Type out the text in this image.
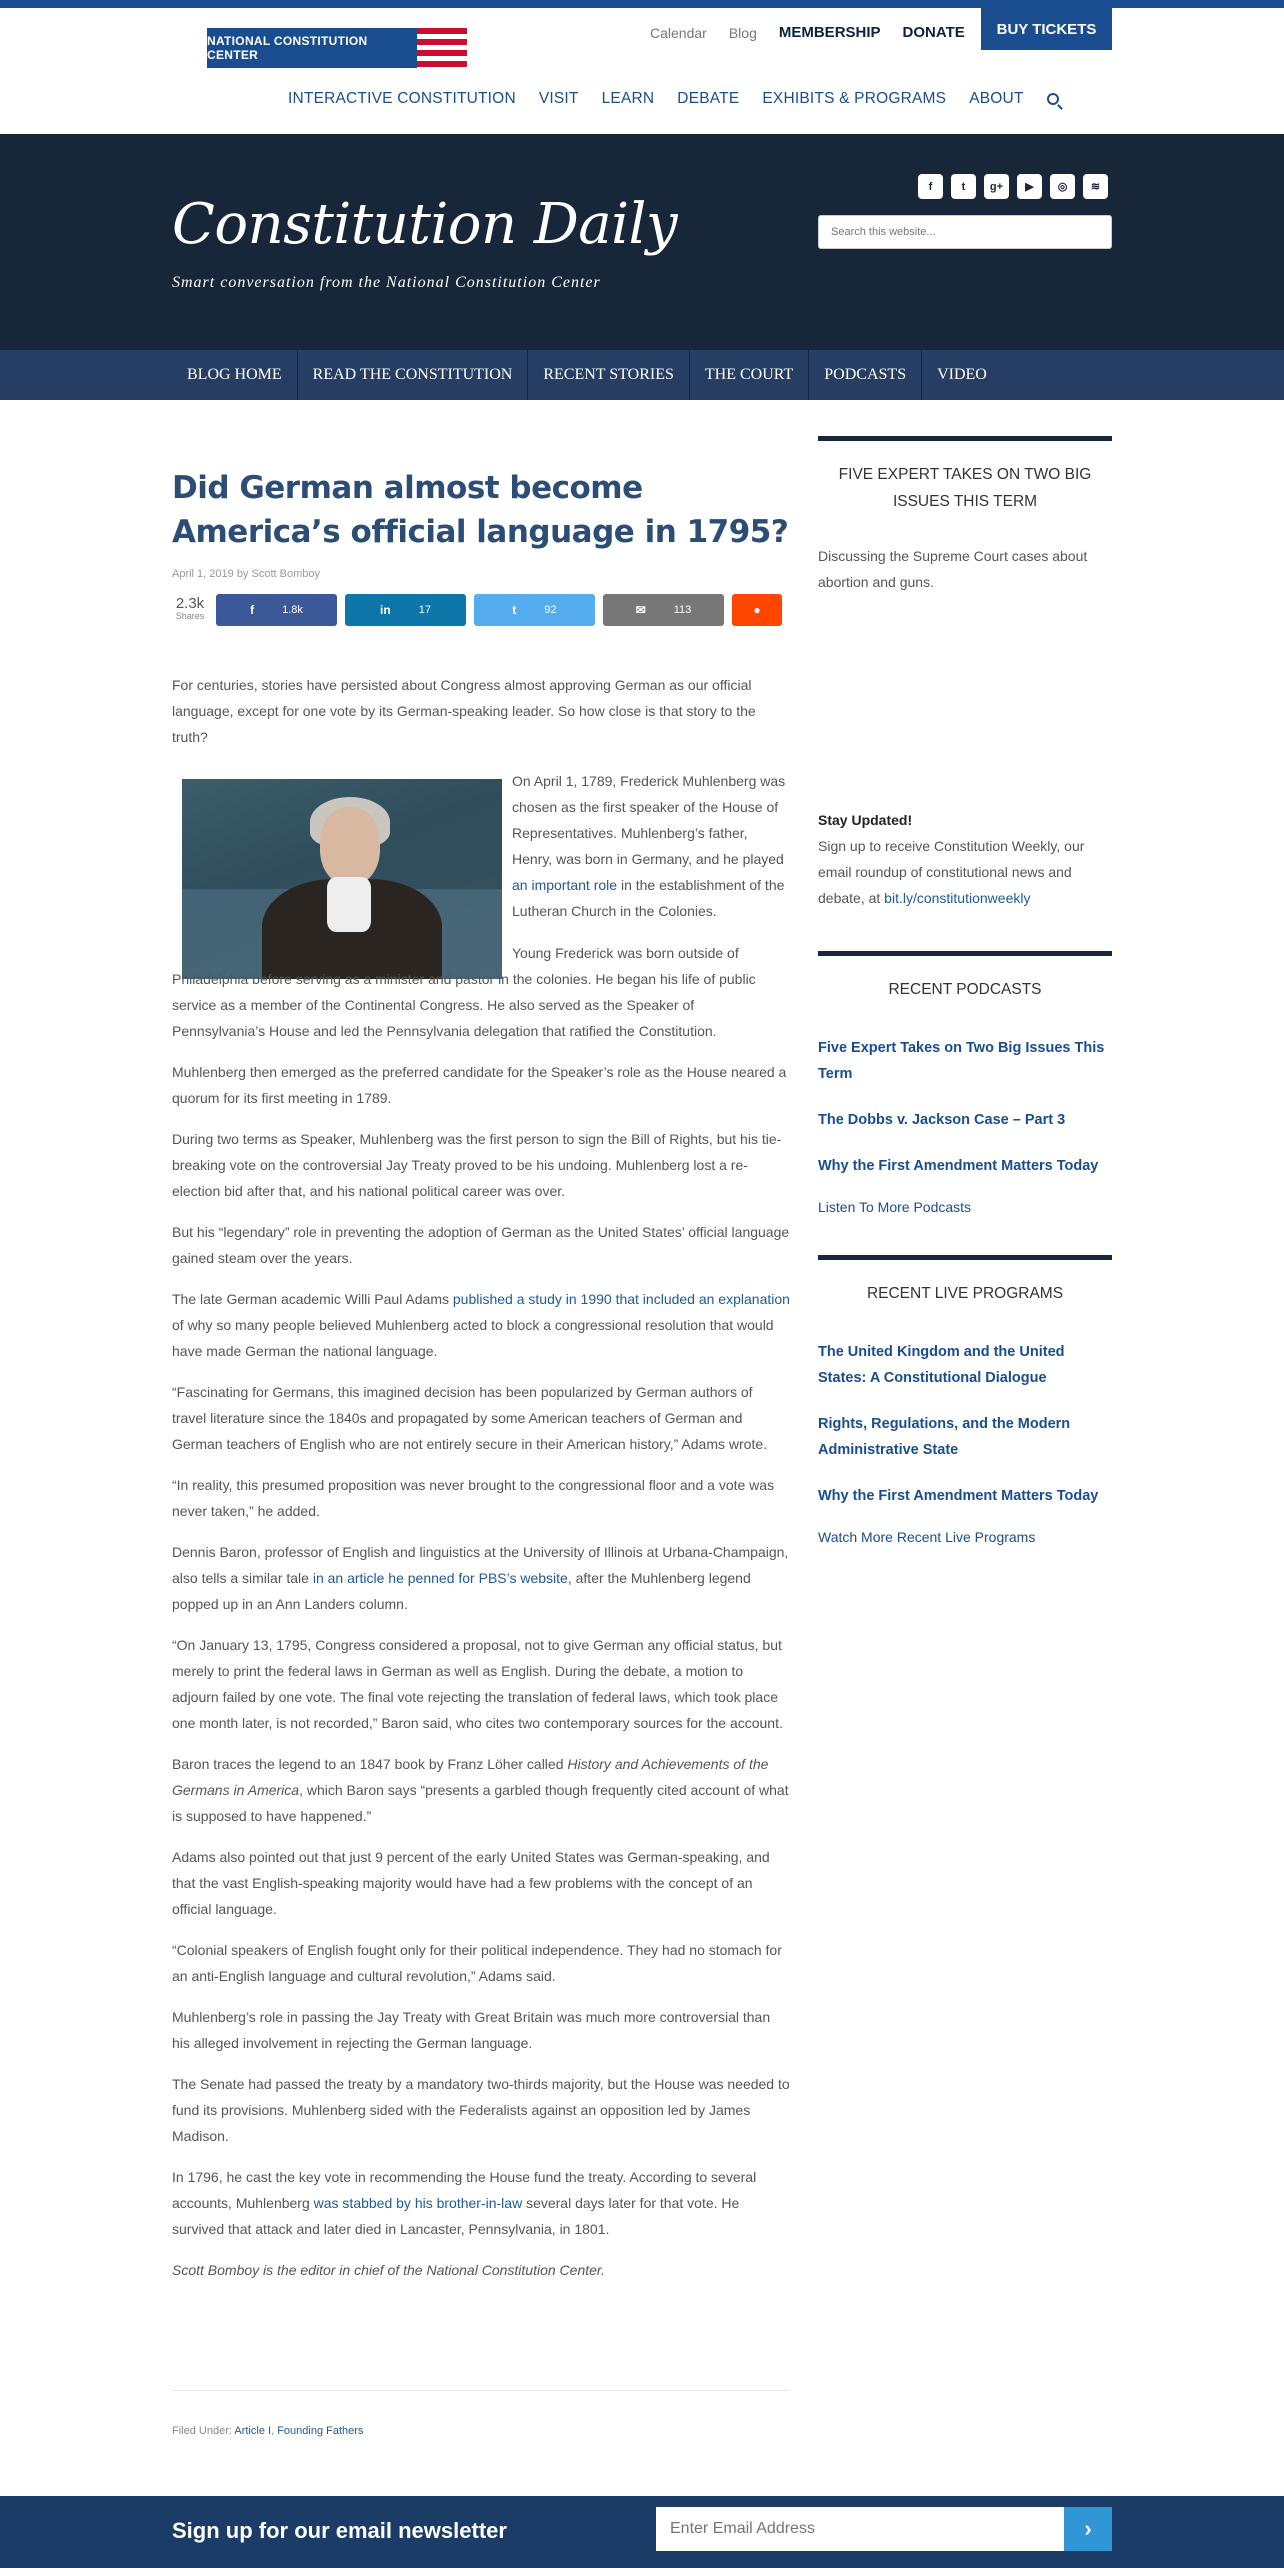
NATIONAL CONSTITUTION CENTER
Calendar Blog MEMBERSHIP DONATE	BUY TICKETS
INTERACTIVE CONSTITUTION VISIT LEARN DEBATE EXHIBITS & PROGRAMS ABOUT
Constitution Daily
Smart conversation from the National Constitution Center
f	t	g+	▶	◎	≋
Search this website...
BLOG HOME	READ THE CONSTITUTION	RECENT STORIES	THE COURT	PODCASTS	VIDEO
Did German almost become America’s official language in 1795?
April 1, 2019 by Scott Bomboy
2.3k
Shares	f	1.8k	in	17	t	92	✉	113	●

For centuries, stories have persisted about Congress almost approving German as our official language, except for one vote by its German-speaking leader. So how close is that story to the truth?

On April 1, 1789, Frederick Muhlenberg was chosen as the first speaker of the House of Representatives. Muhlenberg’s father, Henry, was born in Germany, and he played an important role in the establishment of the Lutheran Church in the Colonies.

Young Frederick was born outside of Philadelphia before serving as a minister and pastor in the colonies. He began his life of public service as a member of the Continental Congress. He also served as the Speaker of Pennsylvania’s House and led the Pennsylvania delegation that ratified the Constitution.

Muhlenberg then emerged as the preferred candidate for the Speaker’s role as the House neared a quorum for its first meeting in 1789.

During two terms as Speaker, Muhlenberg was the first person to sign the Bill of Rights, but his tie-breaking vote on the controversial Jay Treaty proved to be his undoing. Muhlenberg lost a re-election bid after that, and his national political career was over.

But his “legendary” role in preventing the adoption of German as the United States’ official language gained steam over the years.

The late German academic Willi Paul Adams published a study in 1990 that included an explanation of why so many people believed Muhlenberg acted to block a congressional resolution that would have made German the national language.

“Fascinating for Germans, this imagined decision has been popularized by German authors of travel literature since the 1840s and propagated by some American teachers of German and German teachers of English who are not entirely secure in their American history,” Adams wrote.

“In reality, this presumed proposition was never brought to the congressional floor and a vote was never taken,” he added.

Dennis Baron, professor of English and linguistics at the University of Illinois at Urbana-Champaign, also tells a similar tale in an article he penned for PBS’s website, after the Muhlenberg legend popped up in an Ann Landers column.

“On January 13, 1795, Congress considered a proposal, not to give German any official status, but merely to print the federal laws in German as well as English. During the debate, a motion to adjourn failed by one vote. The final vote rejecting the translation of federal laws, which took place one month later, is not recorded,” Baron said, who cites two contemporary sources for the account.

Baron traces the legend to an 1847 book by Franz Löher called History and Achievements of the Germans in America, which Baron says “presents a garbled though frequently cited account of what is supposed to have happened.”

Adams also pointed out that just 9 percent of the early United States was German-speaking, and that the vast English-speaking majority would have had a few problems with the concept of an official language.

“Colonial speakers of English fought only for their political independence. They had no stomach for an anti-English language and cultural revolution,” Adams said.

Muhlenberg’s role in passing the Jay Treaty with Great Britain was much more controversial than his alleged involvement in rejecting the German language.

The Senate had passed the treaty by a mandatory two-thirds majority, but the House was needed to fund its provisions. Muhlenberg sided with the Federalists against an opposition led by James Madison.

In 1796, he cast the key vote in recommending the House fund the treaty. According to several accounts, Muhlenberg was stabbed by his brother-in-law several days later for that vote. He survived that attack and later died in Lancaster, Pennsylvania, in 1801.

Scott Bomboy is the editor in chief of the National Constitution Center.

Filed Under: Article I, Founding Fathers
FIVE EXPERT TAKES ON TWO BIG ISSUES THIS TERM

Discussing the Supreme Court cases about abortion and guns.

Stay Updated!

Sign up to receive Constitution Weekly, our email roundup of constitutional news and debate, at bit.ly/constitutionweekly

RECENT PODCASTS
Five Expert Takes on Two Big Issues This Term
The Dobbs v. Jackson Case – Part 3
Why the First Amendment Matters Today
Listen To More Podcasts
RECENT LIVE PROGRAMS
The United Kingdom and the United States: A Constitutional Dialogue
Rights, Regulations, and the Modern Administrative State
Why the First Amendment Matters Today
Watch More Recent Live Programs
Sign up for our email newsletter
Enter Email Address	›
